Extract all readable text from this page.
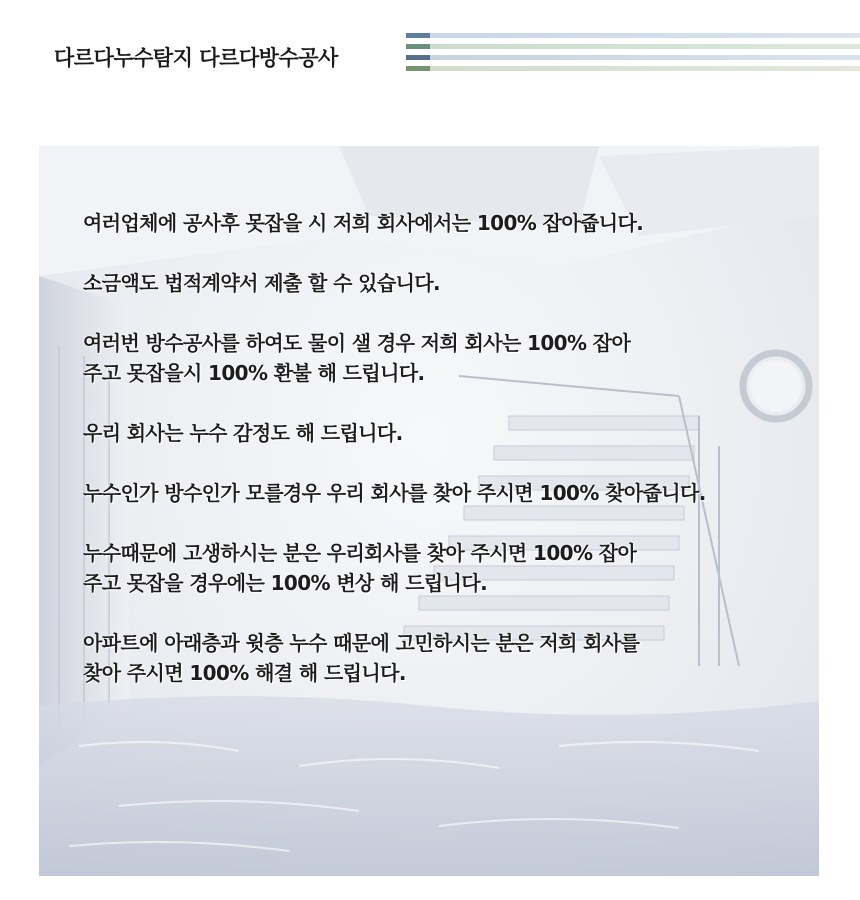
다르다누수탐지 다르다방수공사

여러업체에 공사후 못잡을 시 저희 회사에서는 100% 잡아줍니다.

소금액도 법적계약서 제출 할 수 있습니다.

여러번 방수공사를 하여도 물이 샐 경우 저희 회사는 100% 잡아
주고 못잡을시 100% 환불 해 드립니다.

우리 회사는 누수 감정도 해 드립니다.

누수인가 방수인가 모를경우 우리 회사를 찾아 주시면 100% 찾아줍니다.

누수때문에 고생하시는 분은 우리회사를 찾아 주시면 100% 잡아
주고 못잡을 경우에는 100% 변상 해 드립니다.

아파트에 아래층과 윗층 누수 때문에 고민하시는 분은 저희 회사를
찾아 주시면 100% 해결 해 드립니다.
